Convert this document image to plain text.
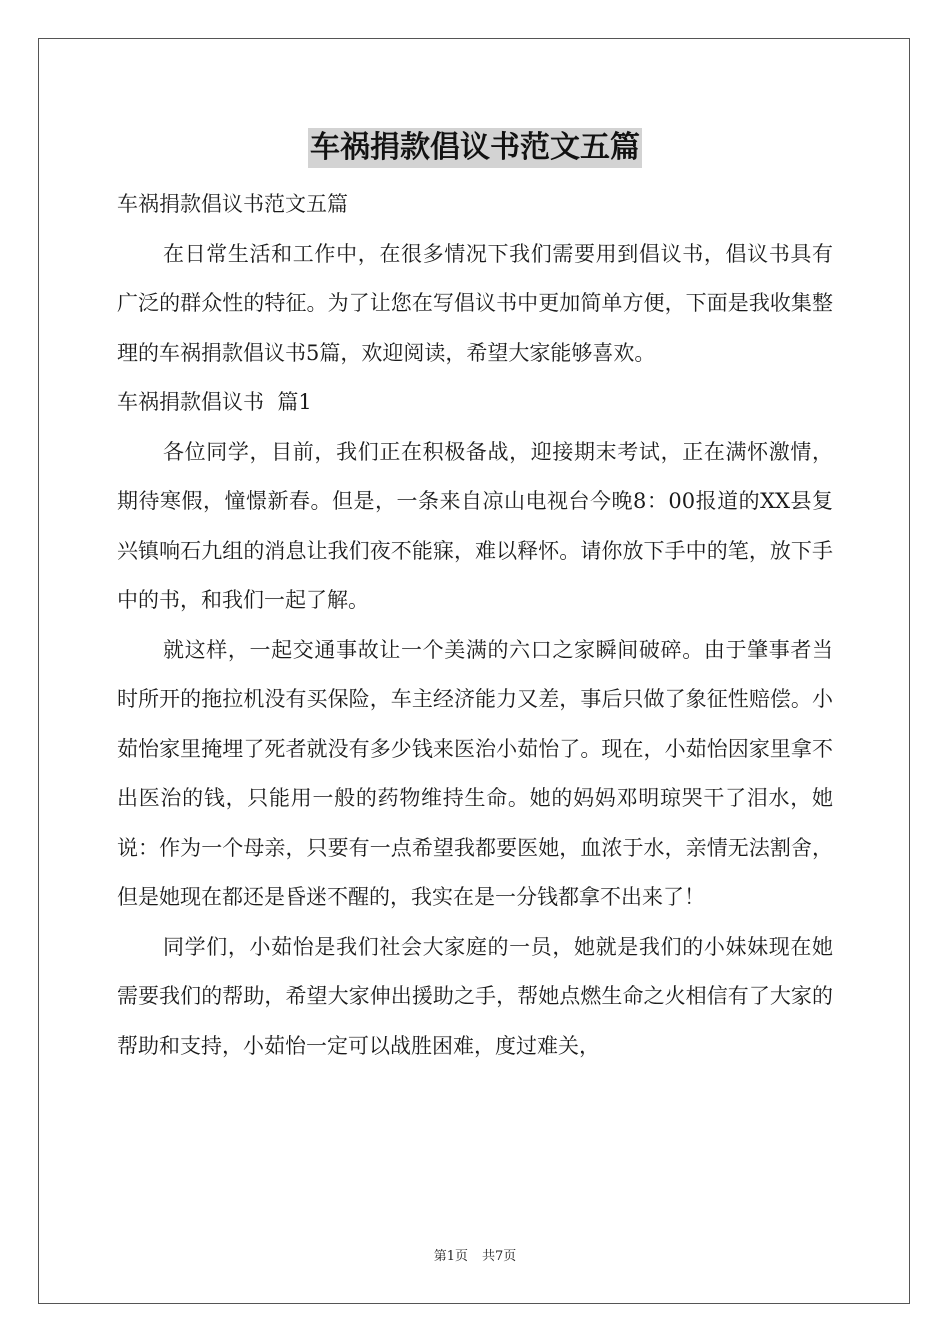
车祸捐款倡议书范文五篇

车祸捐款倡议书范文五篇

在日常生活和工作中，在很多情况下我们需要用到倡议书，倡议书具有广泛的群众性的特征。为了让您在写倡议书中更加简单方便，下面是我收集整理的车祸捐款倡议书5篇，欢迎阅读，希望大家能够喜欢。

车祸捐款倡议书  篇1

各位同学，目前，我们正在积极备战，迎接期末考试，正在满怀激情，期待寒假，憧憬新春。但是，一条来自凉山电视台今晚8：00报道的XX县复兴镇响石九组的消息让我们夜不能寐，难以释怀。请你放下手中的笔，放下手中的书，和我们一起了解。

就这样，一起交通事故让一个美满的六口之家瞬间破碎。由于肇事者当时所开的拖拉机没有买保险，车主经济能力又差，事后只做了象征性赔偿。小茹怡家里掩埋了死者就没有多少钱来医治小茹怡了。现在，小茹怡因家里拿不出医治的钱，只能用一般的药物维持生命。她的妈妈邓明琼哭干了泪水，她说：作为一个母亲，只要有一点希望我都要医她，血浓于水，亲情无法割舍，但是她现在都还是昏迷不醒的，我实在是一分钱都拿不出来了！

同学们，小茹怡是我们社会大家庭的一员，她就是我们的小妹妹现在她需要我们的帮助，希望大家伸出援助之手，帮她点燃生命之火相信有了大家的帮助和支持，小茹怡一定可以战胜困难，度过难关，

第1页 共7页
